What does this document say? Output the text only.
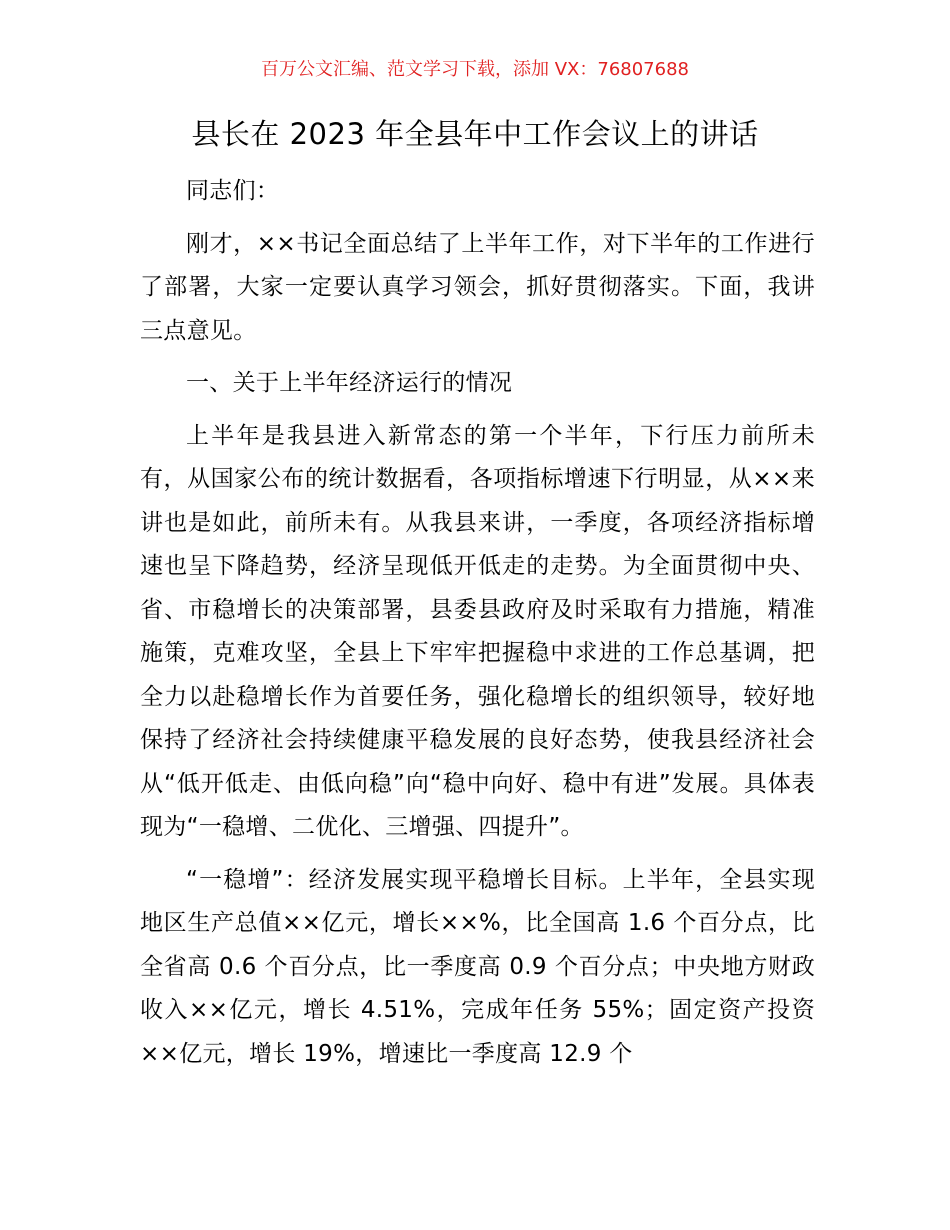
百万公文汇编、范文学习下载，添加 VX：76807688
县长在 2023 年全县年中工作会议上的讲话

同志们：

刚才，××书记全面总结了上半年工作，对下半年的工作进行了部署，大家一定要认真学习领会，抓好贯彻落实。下面，我讲三点意见。

一、关于上半年经济运行的情况

上半年是我县进入新常态的第一个半年，下行压力前所未有，从国家公布的统计数据看，各项指标增速下行明显，从××来讲也是如此，前所未有。从我县来讲，一季度，各项经济指标增速也呈下降趋势，经济呈现低开低走的走势。为全面贯彻中央、省、市稳增长的决策部署，县委县政府及时采取有力措施，精准施策，克难攻坚，全县上下牢牢把握稳中求进的工作总基调，把全力以赴稳增长作为首要任务，强化稳增长的组织领导，较好地保持了经济社会持续健康平稳发展的良好态势，使我县经济社会从“低开低走、由低向稳”向“稳中向好、稳中有进”发展。具体表现为“一稳增、二优化、三增强、四提升”。

“一稳增”：经济发展实现平稳增长目标。上半年，全县实现地区生产总值××亿元，增长××%，比全国高 1.6 个百分点，比全省高 0.6 个百分点，比一季度高 0.9 个百分点；中央地方财政收入××亿元，增长 4.51%，完成年任务 55%；固定资产投资××亿元，增长 19%，增速比一季度高 12.9 个
